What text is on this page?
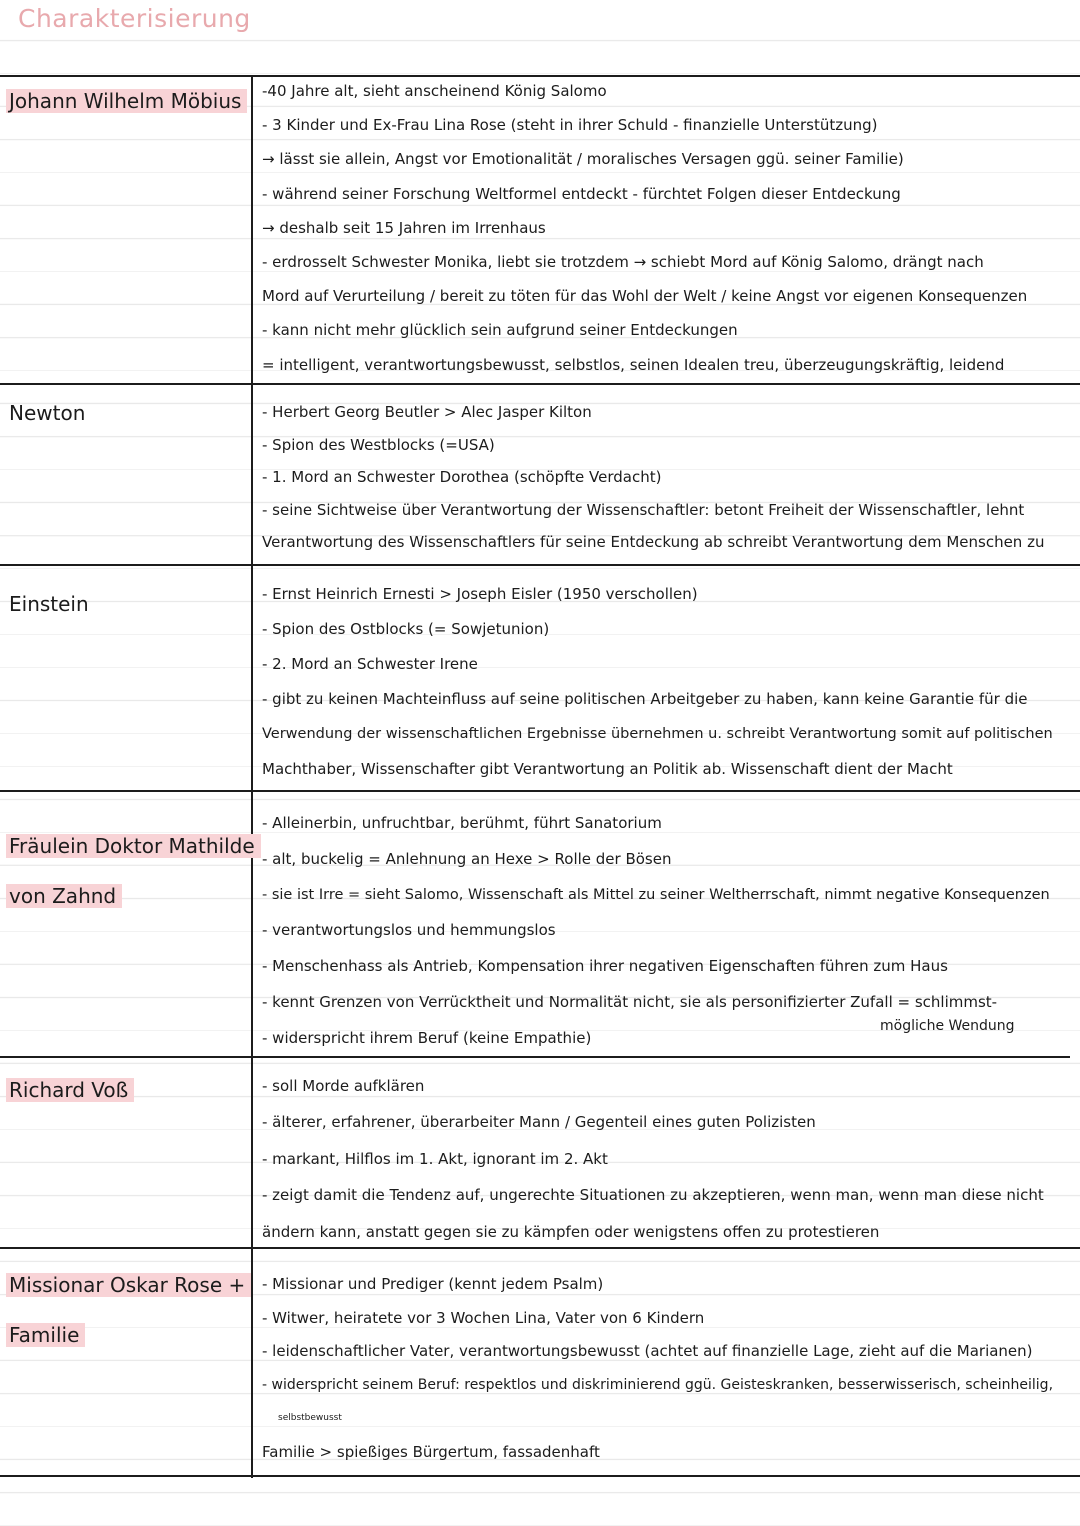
Charakterisierung
Johann Wilhelm Möbius	-40 Jahre alt, sieht anscheinend König Salomo
- 3 Kinder und Ex-Frau Lina Rose (steht in ihrer Schuld - finanzielle Unterstützung)
→ lässt sie allein, Angst vor Emotionalität / moralisches Versagen ggü. seiner Familie)
- während seiner Forschung Weltformel entdeckt - fürchtet Folgen dieser Entdeckung
→ deshalb seit 15 Jahren im Irrenhaus
- erdrosselt Schwester Monika, liebt sie trotzdem → schiebt Mord auf König Salomo, drängt nach
Mord auf Verurteilung / bereit zu töten für das Wohl der Welt / keine Angst vor eigenen Konsequenzen
- kann nicht mehr glücklich sein aufgrund seiner Entdeckungen
= intelligent, verantwortungsbewusst, selbstlos, seinen Idealen treu, überzeugungskräftig, leidend
Newton	- Herbert Georg Beutler > Alec Jasper Kilton
- Spion des Westblocks (=USA)
- 1. Mord an Schwester Dorothea (schöpfte Verdacht)
- seine Sichtweise über Verantwortung der Wissenschaftler: betont Freiheit der Wissenschaftler, lehnt
Verantwortung des Wissenschaftlers für seine Entdeckung ab schreibt Verantwortung dem Menschen zu
Einstein	- Ernst Heinrich Ernesti > Joseph Eisler (1950 verschollen)
- Spion des Ostblocks (= Sowjetunion)
- 2. Mord an Schwester Irene
- gibt zu keinen Machteinfluss auf seine politischen Arbeitgeber zu haben, kann keine Garantie für die
Verwendung der wissenschaftlichen Ergebnisse übernehmen u. schreibt Verantwortung somit auf politischen
Machthaber, Wissenschafter gibt Verantwortung an Politik ab. Wissenschaft dient der Macht
Fräulein Doktor Mathilde
von Zahnd
- Alleinerbin, unfruchtbar, berühmt, führt Sanatorium
- alt, buckelig = Anlehnung an Hexe > Rolle der Bösen
- sie ist Irre = sieht Salomo, Wissenschaft als Mittel zu seiner Weltherrschaft, nimmt negative Konsequenzen
- verantwortungslos und hemmungslos
- Menschenhass als Antrieb, Kompensation ihrer negativen Eigenschaften führen zum Haus
- kennt Grenzen von Verrücktheit und Normalität nicht, sie als personifizierter Zufall = schlimmst-
- widerspricht ihrem Beruf (keine Empathie)
mögliche Wendung
Richard Voß	- soll Morde aufklären
- älterer, erfahrener, überarbeiter Mann / Gegenteil eines guten Polizisten
- markant, Hilflos im 1. Akt, ignorant im 2. Akt
- zeigt damit die Tendenz auf, ungerechte Situationen zu akzeptieren, wenn man, wenn man diese nicht
ändern kann, anstatt gegen sie zu kämpfen oder wenigstens offen zu protestieren
Missionar Oskar Rose +
Familie
- Missionar und Prediger (kennt jedem Psalm)
- Witwer, heiratete vor 3 Wochen Lina, Vater von 6 Kindern
- leidenschaftlicher Vater, verantwortungsbewusst (achtet auf finanzielle Lage, zieht auf die Marianen)
- widerspricht seinem Beruf: respektlos und diskriminierend ggü. Geisteskranken, besserwisserisch, scheinheilig,
selbstbewusst
Familie > spießiges Bürgertum, fassadenhaft
